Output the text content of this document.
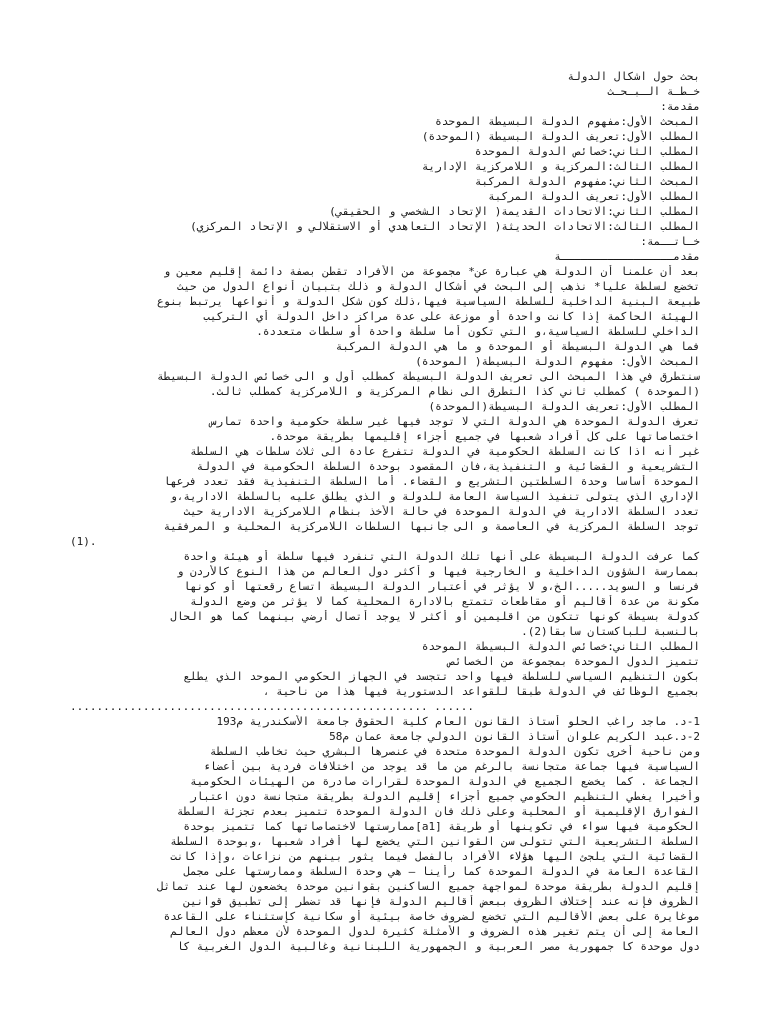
بحث حول اشكال الدولة
خـطـة الـبـحـث
مقدمة:
المبحث الأول:مفهوم الدولة البسيطة الموحدة
المطلب الأول:تعريف الدولة البسيطة (الموحدة)
المطلب الثاني:خصائص الدولة الموحدة
المطلب الثالث:المركزية و اللامركزية الإدارية
المبحث الثاني:مفهوم الدولة المركبة
المطلب الأول:تعريف الدولة المركبة
المطلب الثاني:الاتحادات القديمة( الإتحاد الشخصي و الحقيقي)
المطلب الثالث:الاتحادات الحديثة( الإتحاد التعاهدي أو الاستقلالي و الإتحاد المركزي)
خـاتــمة:
مقدمـــــــــــــــــة
بعد أن علمنا أن الدولة هي عبارة عن* مجموعة من الأفراد تقطن بصفة دائمة إقليم معين و
تخضع لسلطة عليا* نذهب إلى البحث في أشكال الدولة و ذلك بتبيان أنواع الدول من حيث
طبيعة البنية الداخلية للسلطة السياسية فيها،ذلك كون شكل الدولة و أنواعها يرتبط بنوع
الهيئة الحاكمة إذا كانت واحدة أو موزعة على عدة مراكز داخل الدولة أي التركيب
الداخلي للسلطة السياسية،و التي تكون أما سلطة واحدة أو سلطات متعددة.
فما هي الدولة البسيطة أو الموحدة و ما هي الدولة المركبة
المبحث الأول: مفهوم الدولة البسيطة( الموحدة)
سنتطرق في هذا المبحث الى تعريف الدولة البسيطة كمطلب أول و الى خصائص الدولة البسيطة
(الموحدة ) كمطلب ثاني كذا التطرق الى نظام المركزية و اللامركزية كمطلب ثالث.
المطلب الأول:تعريف الدولة البسيطة(الموحدة)
تعرف الدولة الموحدة هي الدولة التي لا توجد فيها غير سلطة حكومية واحدة تمارس
اختصاصاتها على كل أفراد شعبها في جميع أجزاء إقليمها بطريقة موحدة.
غير أنه اذا كانت السلطة الحكومية في الدولة تتفرع عادة الى ثلاث سلطات هي السلطة
التشريعية و القضائية و التنفيذية،فان المقصود بوحدة السلطة الحكومية في الدولة
الموحدة أساسا وحدة السلطتين التشريع و القضاء. أما السلطة التنفيذية فقد تعدد فرعها
الإداري الذي يتولى تنفيذ السياسة العامة للدولة و الذي يطلق عليه بالسلطة الادارية،و
تعدد السلطة الادارية في الدولة الموحدة في حالة الأخذ بنظام اللامركزية الادارية حيث
توجد السلطة المركزية في العاصمة و الى جانبها السلطات اللامركزية المحلية و المرفقية
(1).
كما عرفت الدولة البسيطة على أنها تلك الدولة التي تنفرد فيها سلطة أو هيئة واحدة
بممارسة الشؤون الداخلية و الخارجية فيها و أكثر دول العالم من هذا النوع كالأردن و
فرنسا و السويد.....الخ،و لا يؤثر في أعتبار الدولة البسيطة اتساع رقعتها أو كونها
مكونة من عدة أقاليم أو مقاطعات تتمتع بالادارة المحلية كما لا يؤثر من وضع الدولة
كدولة بسيطة كونها تتكون من اقليمين أو أكثر لا يوجد أتصال أرضي بينهما كما هو الحال
بالنسبة للباكستان سابقا(2).
المطلب الثاني:خصائص الدولة البسيطة الموحدة
تتميز الدول الموحدة بمجموعة من الخصائص
بكون التنظيم السياسي للسلطة فيها واحد تتجسد في الجهاز الحكومي الموحد الذي يطلع
بجميع الوظائف في الدولة طبقا للقواعد الدستورية فيها هذا من ناحية ،
...................................................... ......
1-د. ماجد راغب الحلو أستاذ القانون العام كلية الحقوق جامعة الأسكندرية م193
2-د.عبد الكريم علوان أستاذ القانون الدولي جامعة عمان م58
ومن ناحية أخرى تكون الدولة الموحدة متحدة في عنصرها البشري حيث تخاطب السلطة
السياسية فيها جماعة متجانسة بالرغم من ما قد يوجد من اختلافات فردية بين أعضاء
الجماعة . كما يخضع الجميع في الدولة الموحدة لقرارات صادرة من الهيئات الحكومية
وأخيرا يغطي التنظيم الحكومي جميع أجزاء إقليم الدولة بطريقة متجانسة دون اعتبار
الفوارق الإقليمية أو المحلية وعلى ذلك فان الدولة الموحدة تتميز بعدم تجزئة السلطة
الحكومية فيها سواء في تكوينها أو طريقة [a1]ممارستها لاختصاصاتها كما تتميز بوحدة
السلطة التشريعية التي تتولى سن القوانين التي يخضع لها أفراد شعبها ،وبوحدة السلطة
القضائية التي يلجئ اليها هؤلاء الأفراد بالفصل فيما يثور بينهم من نزاعات ،وإذا كانت
القاعدة العامة في الدولة الموحدة كما رأينا – هي وحدة السلطة وممارستها على مجمل
إقليم الدولة بطريقة موحدة لمواجهة جميع الساكنين بقوانين موحدة يخضعون لها عند تماثل
الظروف فإنه عند إختلاف الظروف ببعض أقاليم الدولة فإنها قد تضطر إلى تطبيق قوانين
موغايرة على بعض الأقاليم التي تخضع لضروف خاصة بيئية أو سكانية كإستثناء على القاعدة
العامة إلى أن يتم تغير هذه الضروف و الأمثلة كثيرة لدول الموحدة لأن معظم دول العالم
دول موحدة كا جمهورية مصر العربية و الجمهورية اللبنانية وغالبية الدول الغربية كا
